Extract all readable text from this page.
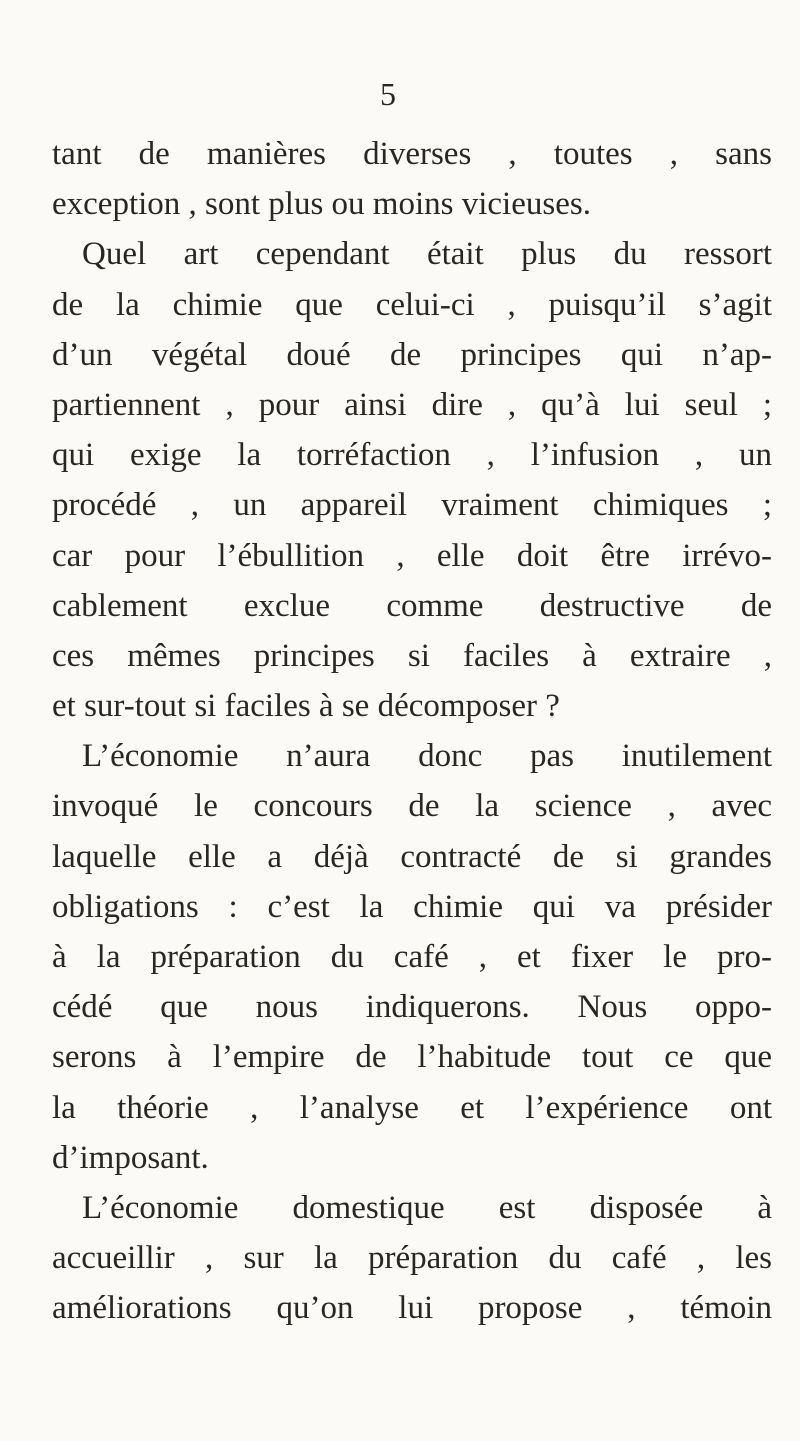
5
tant de manières diverses , toutes , sans
exception , sont plus ou moins vicieuses.
Quel art cependant était plus du ressort
de la chimie que celui-ci , puisqu’il s’agit
d’un végétal doué de principes qui n’ap-
partiennent , pour ainsi dire , qu’à lui seul ;
qui exige la torréfaction , l’infusion , un
procédé , un appareil vraiment chimiques ;
car pour l’ébullition , elle doit être irrévo-
cablement exclue comme destructive de
ces mêmes principes si faciles à extraire ,
et sur-tout si faciles à se décomposer ?
L’économie n’aura donc pas inutilement
invoqué le concours de la science , avec
laquelle elle a déjà contracté de si grandes
obligations : c’est la chimie qui va présider
à la préparation du café , et fixer le pro-
cédé que nous indiquerons. Nous oppo-
serons à l’empire de l’habitude tout ce que
la théorie , l’analyse et l’expérience ont
d’imposant.
L’économie domestique est disposée à
accueillir , sur la préparation du café , les
améliorations qu’on lui propose , témoin
